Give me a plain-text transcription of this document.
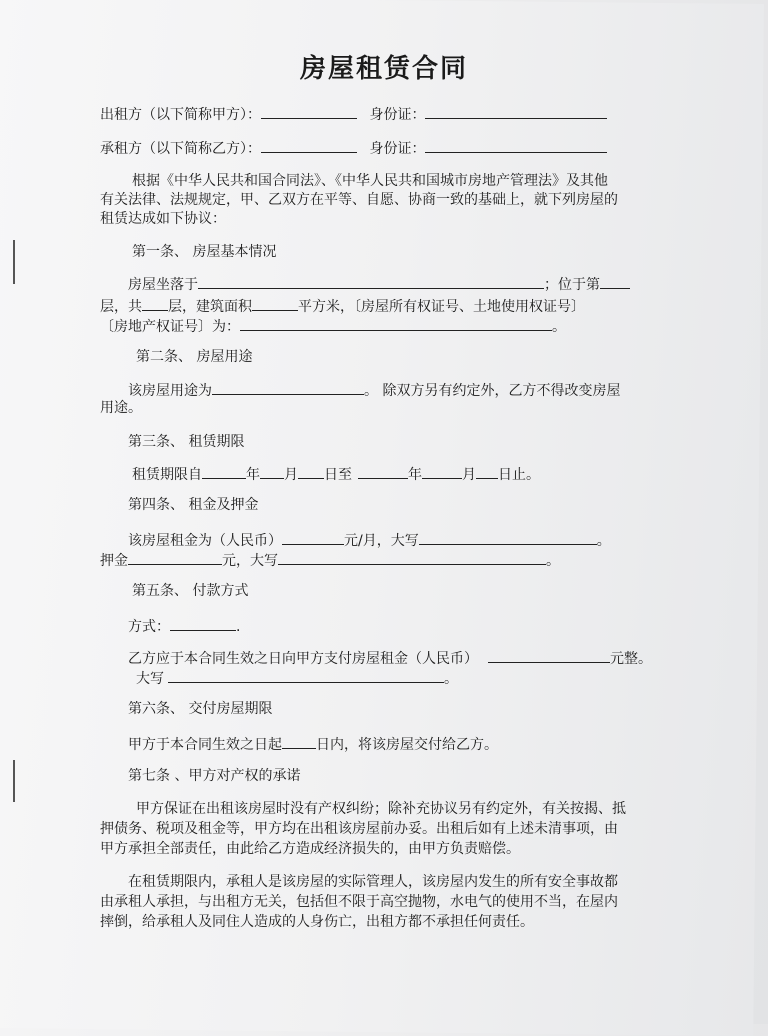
房屋租赁合同
出租方（以下简称甲方）：	身份证：
承租方（以下简称乙方）：	身份证：
根据《中华人民共和国合同法》、《中华人民共和国城市房地产管理法》及其他
有关法律、法规规定，甲、乙双方在平等、自愿、协商一致的基础上，就下列房屋的
租赁达成如下协议：
第一条、 房屋基本情况
房屋坐落于	；位于第
层，共 层，建筑面积	平方米，〔房屋所有权证号、土地使用权证号〕
〔房地产权证号〕为：	。
第二条、 房屋用途
该房屋用途为	。 除双方另有约定外，乙方不得改变房屋
用途。
第三条、 租赁期限
租赁期限自	年 月 日至	年	月 日止。
第四条、 租金及押金
该房屋租金为（人民币）	元/月，大写	。
押金	元，大写	。
第五条、 付款方式
方式：	.
乙方应于本合同生效之日向甲方支付房屋租金（人民币）	元整。
大写	。
第六条、 交付房屋期限
甲方于本合同生效之日起 日内，将该房屋交付给乙方。
第七条 、甲方对产权的承诺
甲方保证在出租该房屋时没有产权纠纷；除补充协议另有约定外，有关按揭、抵
押债务、税项及租金等，甲方均在出租该房屋前办妥。出租后如有上述未清事项，由
甲方承担全部责任，由此给乙方造成经济损失的，由甲方负责赔偿。
在租赁期限内，承租人是该房屋的实际管理人，该房屋内发生的所有安全事故都
由承租人承担，与出租方无关，包括但不限于高空抛物，水电气的使用不当，在屋内
摔倒，给承租人及同住人造成的人身伤亡，出租方都不承担任何责任。
